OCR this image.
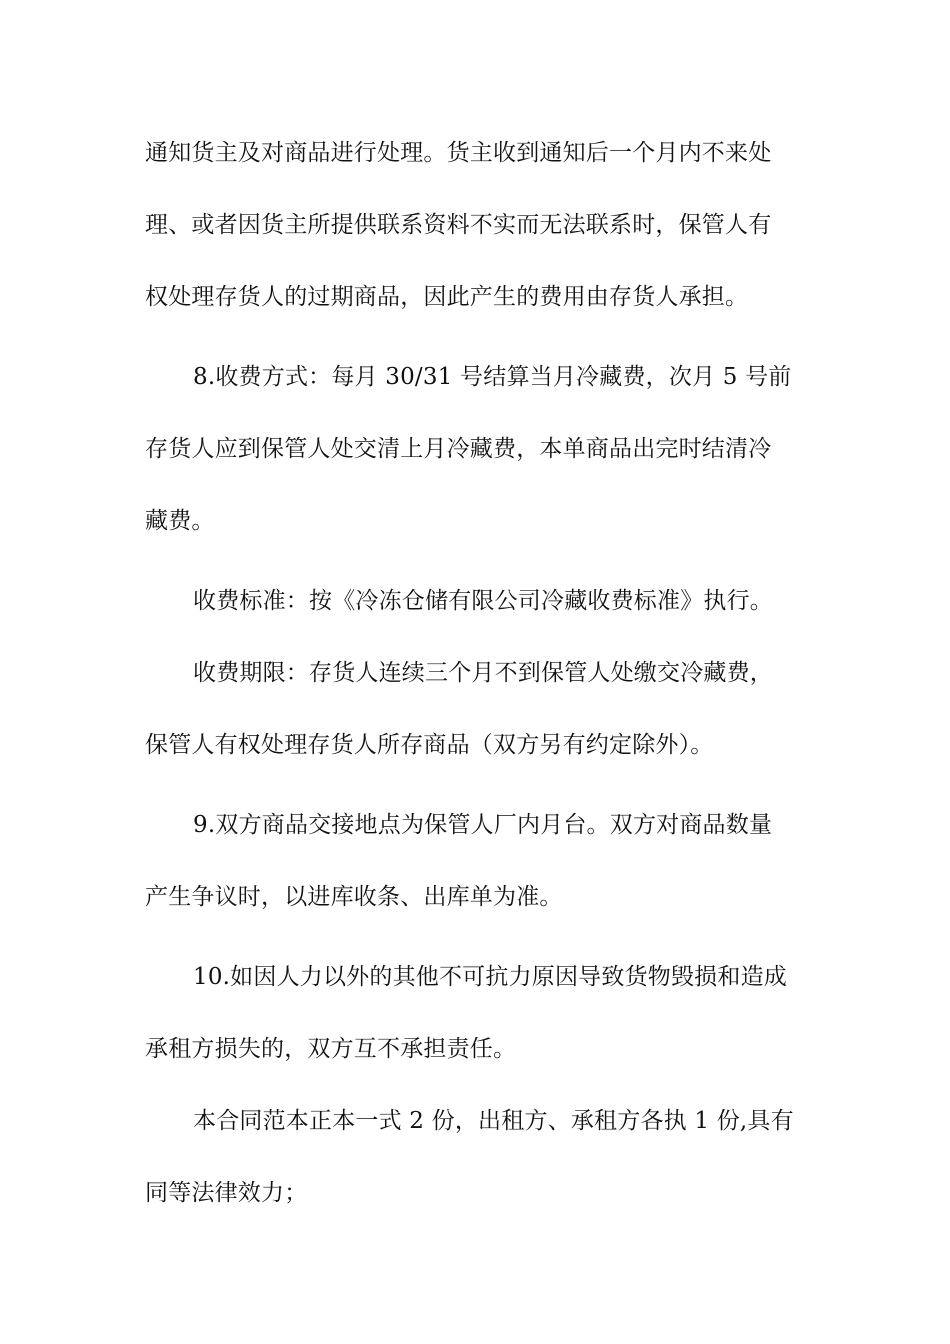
通知货主及对商品进行处理。货主收到通知后一个月内不来处
理、或者因货主所提供联系资料不实而无法联系时，保管人有
权处理存货人的过期商品，因此产生的费用由存货人承担。
8.收费方式：每月 30/31 号结算当月冷藏费，次月 5 号前
存货人应到保管人处交清上月冷藏费，本单商品出完时结清冷
藏费。
收费标准：按《冷冻仓储有限公司冷藏收费标准》执行。
收费期限：存货人连续三个月不到保管人处缴交冷藏费，
保管人有权处理存货人所存商品（双方另有约定除外）。
9.双方商品交接地点为保管人厂内月台。双方对商品数量
产生争议时，以进库收条、出库单为准。
10.如因人力以外的其他不可抗力原因导致货物毁损和造成
承租方损失的，双方互不承担责任。
本合同范本正本一式 2 份，出租方、承租方各执 1 份,具有
同等法律效力；
